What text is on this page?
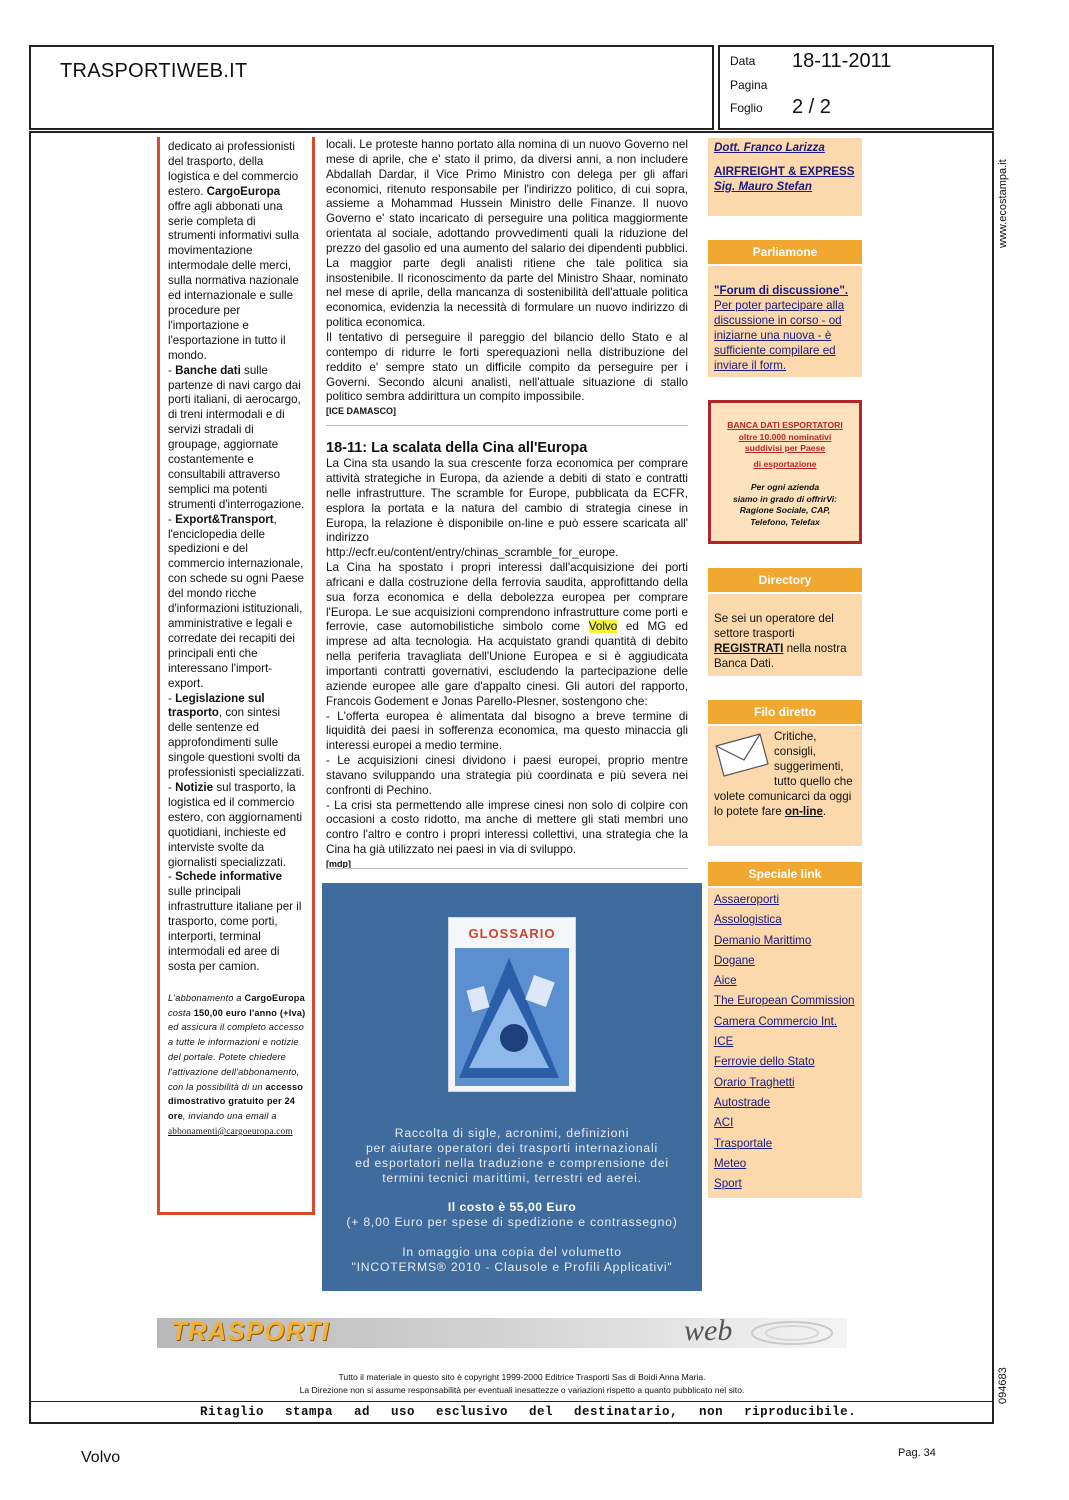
TRASPORTIWEB.IT	Data 18-11-2011
Pagina
Foglio 2 / 2
www.ecostampa.it
094683

dedicato ai professionisti del trasporto, della logistica e del commercio estero. CargoEuropa offre agli abbonati una serie completa di strumenti informativi sulla movimentazione intermodale delle merci, sulla normativa nazionale ed internazionale e sulle procedure per l'importazione e l'esportazione in tutto il mondo.

- Banche dati sulle partenze di navi cargo dai porti italiani, di aerocargo, di treni intermodali e di servizi stradali di groupage, aggiornate costantemente e consultabili attraverso semplici ma potenti strumenti d'interrogazione.

- Export&Transport, l'enciclopedia delle spedizioni e del commercio internazionale, con schede su ogni Paese del mondo ricche d'informazioni istituzionali, amministrative e legali e corredate dei recapiti dei principali enti che interessano l'import-export.

- Legislazione sul trasporto, con sintesi delle sentenze ed approfondimenti sulle singole questioni svolti da professionisti specializzati.

- Notizie sul trasporto, la logistica ed il commercio estero, con aggiornamenti quotidiani, inchieste ed interviste svolte da giornalisti specializzati.

- Schede informative sulle principali infrastrutture italiane per il trasporto, come porti, interporti, terminal intermodali ed aree di sosta per camion.

L'abbonamento a CargoEuropa costa 150,00 euro l'anno (+Iva) ed assicura il completo accesso a tutte le informazioni e notizie del portale. Potete chiedere l'attivazione dell'abbonamento, con la possibilità di un accesso dimostrativo gratuito per 24 ore, inviando una email a abbonamenti@cargoeuropa.com

locali. Le proteste hanno portato alla nomina di un nuovo Governo nel mese di aprile, che e' stato il primo, da diversi anni, a non includere Abdallah Dardar, il Vice Primo Ministro con delega per gli affari economici, ritenuto responsabile per l'indirizzo politico, di cui sopra, assieme a Mohammad Hussein Ministro delle Finanze. Il nuovo Governo e' stato incaricato di perseguire una politica maggiormente orientata al sociale, adottando provvedimenti quali la riduzione del prezzo del gasolio ed una aumento del salario dei dipendenti pubblici. La maggior parte degli analisti ritiene che tale politica sia insostenibile. Il riconoscimento da parte del Ministro Shaar, nominato nel mese di aprile, della mancanza di sostenibilità dell'attuale politica economica, evidenzia la necessità di formulare un nuovo indirizzo di politica economica.

Il tentativo di perseguire il pareggio del bilancio dello Stato e al contempo di ridurre le forti sperequazioni nella distribuzione del reddito e' sempre stato un difficile compito da perseguire per i Governi. Secondo alcuni analisti, nell'attuale situazione di stallo politico sembra addirittura un compito impossibile.

[ICE DAMASCO]

18-11: La scalata della Cina all'Europa

La Cina sta usando la sua crescente forza economica per comprare attività strategiche in Europa, da aziende a debiti di stato e contratti nelle infrastrutture. The scramble for Europe, pubblicata da ECFR, esplora la portata e la natura del cambio di strategia cinese in Europa, la relazione è disponibile on-line e può essere scaricata all' indirizzo

http://ecfr.eu/content/entry/chinas_scramble_for_europe.

La Cina ha spostato i propri interessi dall'acquisizione dei porti africani e dalla costruzione della ferrovia saudita, approfittando della sua forza economica e della debolezza europea per comprare l'Europa. Le sue acquisizioni comprendono infrastrutture come porti e ferrovie, case automobilistiche simbolo come Volvo ed MG ed imprese ad alta tecnologia. Ha acquistato grandi quantità di debito nella periferia travagliata dell'Unione Europea e si è aggiudicata importanti contratti governativi, escludendo la partecipazione delle aziende europee alle gare d'appalto cinesi. Gli autori del rapporto, Francois Godement e Jonas Parello-Plesner, sostengono che:

- L'offerta europea è alimentata dal bisogno a breve termine di liquidità dei paesi in sofferenza economica, ma questo minaccia gli interessi europei a medio termine.

- Le acquisizioni cinesi dividono i paesi europei, proprio mentre stavano sviluppando una strategia più coordinata e più severa nei confronti di Pechino.

- La crisi sta permettendo alle imprese cinesi non solo di colpire con occasioni a costo ridotto, ma anche di mettere gli stati membri uno contro l'altro e contro i propri interessi collettivi, una strategia che la Cina ha già utilizzato nei paesi in via di sviluppo.

[mdp]

GLOSSARIO
Raccolta di sigle, acronimi, definizioni
per aiutare operatori dei trasporti internazionali
ed esportatori nella traduzione e comprensione dei
termini tecnici marittimi, terrestri ed aerei.
Il costo è 55,00 Euro
(+ 8,00 Euro per spese di spedizione e contrassegno)
In omaggio una copia del volumetto
"INCOTERMS® 2010 - Clausole e Profili Applicativi"
Dott. Franco Larizza
AIRFREIGHT & EXPRESS
Sig. Mauro Stefan
Parliamone
"Forum di discussione". Per poter partecipare alla discussione in corso - od iniziarne una nuova - è sufficiente compilare ed inviare il form.
BANCA DATI ESPORTATORI
oltre 10.000 nominativi
suddivisi per Paese
di esportazione
Per ogni azienda
siamo in grado di offrirVi:
Ragione Sociale, CAP,
Telefono, Telefax
Directory
Se sei un operatore del settore trasporti REGISTRATI nella nostra Banca Dati.
Filo diretto
Critiche, consigli, suggerimenti, tutto quello che volete comunicarci da oggi lo potete fare on-line.
Speciale link
Assaeroporti
Assologistica
Demanio Marittimo
Dogane
Aice
The European Commission
Camera Commercio Int.
ICE
Ferrovie dello Stato
Orario Traghetti
Autostrade
ACI
Trasportale
Meteo
Sport
TRASPORTI	web
Tutto il materiale in questo sito è copyright 1999-2000 Editrice Trasporti Sas di Boidi Anna Maria.
La Direzione non si assume responsabilità per eventuali inesattezze o variazioni rispetto a quanto pubblicato nel sito.
Ritaglio stampa ad uso esclusivo del destinatario, non riproducibile.
Volvo	Pag. 34
